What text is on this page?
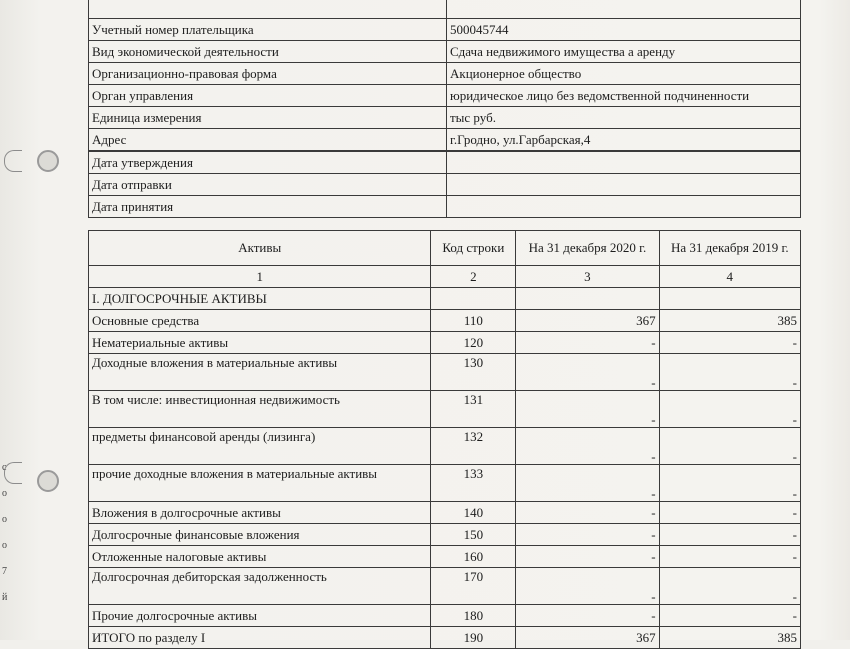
c
o
o
o
7
й

Учетный номер плательщика	500045744
Вид экономической деятельности	Сдача недвижимого имущества а аренду
Организационно-правовая форма	Акционерное общество
Орган управления	юридическое лицо без ведомственной подчиненности
Единица измерения	тыс руб.
Адрес	г.Гродно, ул.Гарбарская,4
Дата утверждения	
Дата отправки	
Дата принятия	
Активы	Код строки	На 31 декабря 2020 г.	На 31 декабря 2019 г.
1	2	3	4
I. ДОЛГОСРОЧНЫЕ АКТИВЫ			
Основные средства	110	367	385
Нематериальные активы	120	-	-
Доходные вложения в материальные активы	130	-	-
В том числе: инвестиционная недвижимость	131	-	-
предметы финансовой аренды (лизинга)	132	-	-
прочие доходные вложения в материальные активы	133	-	-
Вложения в долгосрочные активы	140	-	-
Долгосрочные финансовые вложения	150	-	-
Отложенные налоговые активы	160	-	-
Долгосрочная дебиторская задолженность	170	-	-
Прочие долгосрочные активы	180	-	-
ИТОГО по разделу I	190	367	385
